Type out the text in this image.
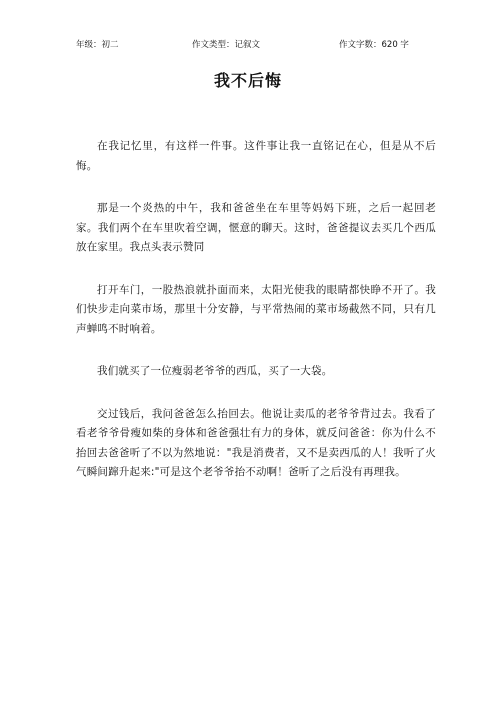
年级：初二	作文类型：记叙文	作文字数：620 字
我不后悔

在我记忆里，有这样一件事。这件事让我一直铭记在心，但是从不后悔。

那是一个炎热的中午，我和爸爸坐在车里等妈妈下班，之后一起回老家。我们两个在车里吹着空调，惬意的聊天。这时，爸爸提议去买几个西瓜放在家里。我点头表示赞同

打开车门，一股热浪就扑面而来，太阳光使我的眼睛都快睁不开了。我们快步走向菜市场，那里十分安静，与平常热闹的菜市场截然不同，只有几声蝉鸣不时响着。

我们就买了一位瘦弱老爷爷的西瓜，买了一大袋。

交过钱后，我问爸爸怎么抬回去。他说让卖瓜的老爷爷背过去。我看了看老爷爷骨瘦如柴的身体和爸爸强壮有力的身体，就反问爸爸：你为什么不抬回去爸爸听了不以为然地说："我是消费者，又不是卖西瓜的人！我听了火气瞬间蹿升起来:"可是这个老爷爷抬不动啊！爸听了之后没有再理我。
